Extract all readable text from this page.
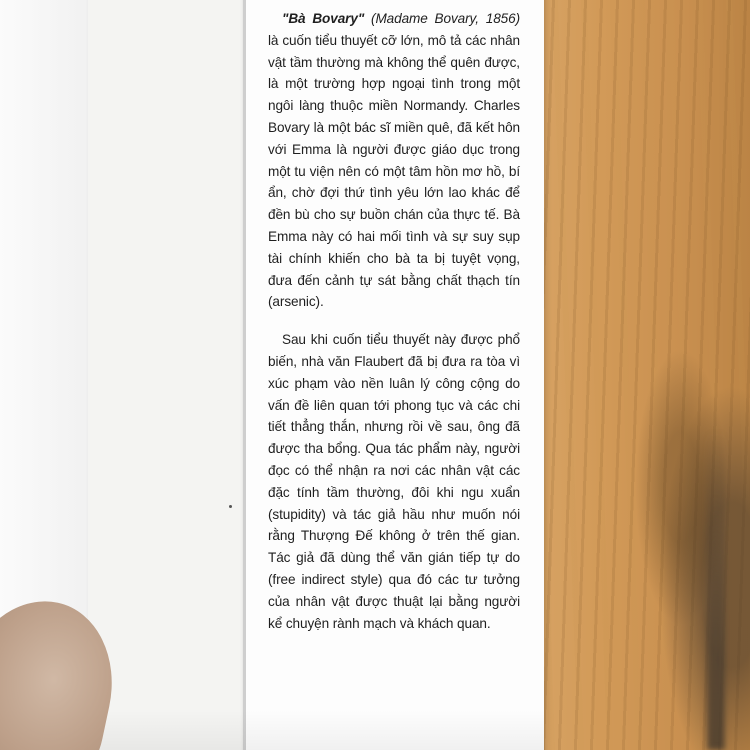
"Bà Bovary" (Madame Bovary, 1856) là cuốn tiểu thuyết cỡ lớn, mô tả các nhân vật tầm thường mà không thể quên được, là một trường hợp ngoại tình trong một ngôi làng thuộc miền Normandy. Charles Bovary là một bác sĩ miền quê, đã kết hôn với Emma là người được giáo dục trong một tu viện nên có một tâm hồn mơ hồ, bí ẩn, chờ đợi thứ tình yêu lớn lao khác để đền bù cho sự buồn chán của thực tế. Bà Emma này có hai mối tình và sự suy sụp tài chính khiến cho bà ta bị tuyệt vọng, đưa đến cảnh tự sát bằng chất thạch tín (arsenic).

Sau khi cuốn tiểu thuyết này được phổ biến, nhà văn Flaubert đã bị đưa ra tòa vì xúc phạm vào nền luân lý công cộng do vấn đề liên quan tới phong tục và các chi tiết thẳng thắn, nhưng rồi về sau, ông đã được tha bổng. Qua tác phẩm này, người đọc có thể nhận ra nơi các nhân vật các đặc tính tầm thường, đôi khi ngu xuẩn (stupidity) và tác giả hầu như muốn nói rằng Thượng Đế không ở trên thế gian. Tác giả đã dùng thể văn gián tiếp tự do (free indirect style) qua đó các tư tưởng của nhân vật được thuật lại bằng người kể chuyện rành mạch và khách quan.
